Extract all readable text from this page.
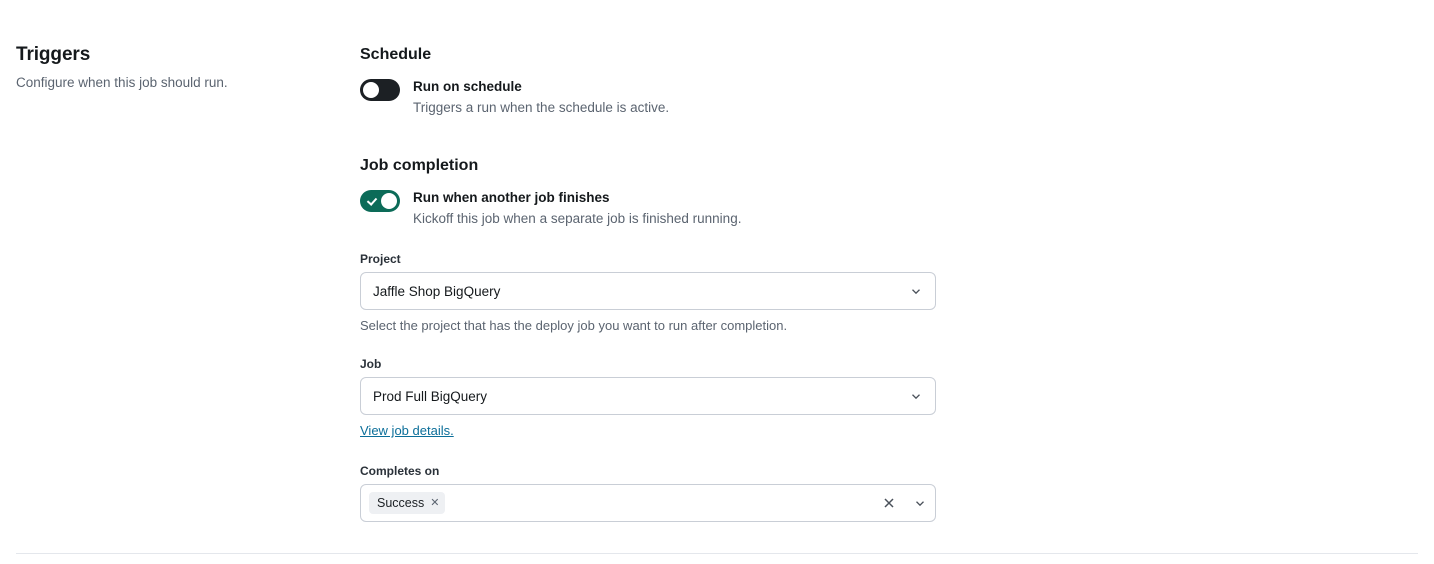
Triggers

Configure when this job should run.

Schedule
Run on schedule
Triggers a run when the schedule is active.
Job completion
Run when another job finishes
Kickoff this job when a separate job is finished running.
Project
Jaffle Shop BigQuery
Select the project that has the deploy job you want to run after completion.
Job
Prod Full BigQuery
View job details.
Completes on
Success ✕
